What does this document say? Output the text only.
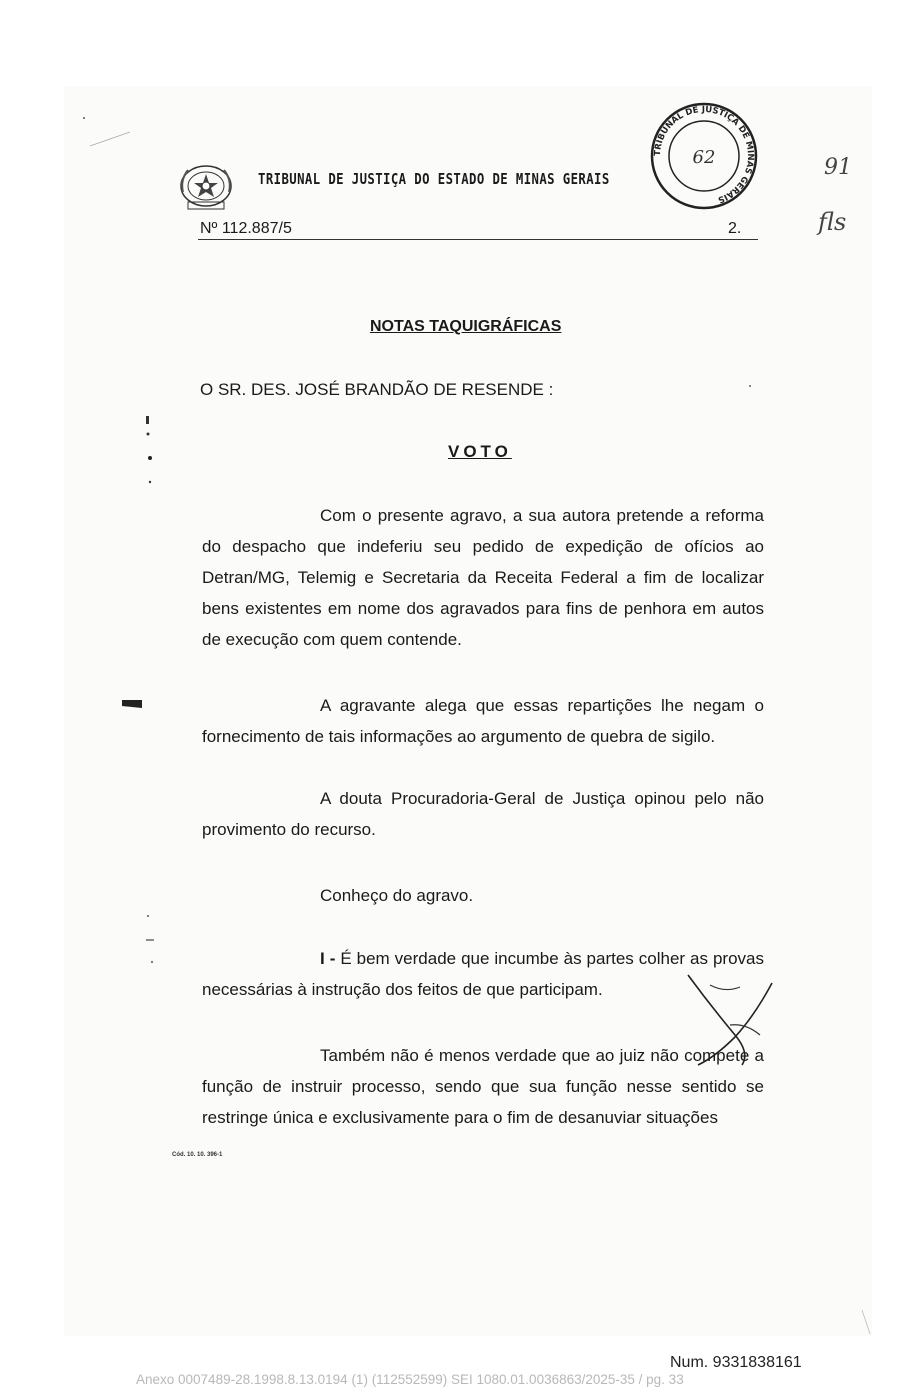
TRIBUNAL DE JUSTIÇA DO ESTADO DE MINAS GERAIS
Nº 112.887/5	2.
TRIBUNAL DE JUSTIÇA DE MINAS GERAIS
62	91
fls
NOTAS TAQUIGRÁFICAS
O SR. DES. JOSÉ BRANDÃO DE RESENDE :
VOTO

Com o presente agravo, a sua autora pretende a reforma do despacho que indeferiu seu pedido de expedição de ofícios ao Detran/MG, Telemig e Secretaria da Receita Federal a fim de localizar bens existentes em nome dos agravados para fins de penhora em autos de execução com quem contende.

A agravante alega que essas repartições lhe negam o fornecimento de tais informações ao argumento de quebra de sigilo.

A douta Procuradoria-Geral de Justiça opinou pelo não provimento do recurso.

Conheço do agravo.

I - É bem verdade que incumbe às partes colher as provas necessárias à instrução dos feitos de que participam.

Também não é menos verdade que ao juiz não compete a função de instruir processo, sendo que sua função nesse sentido se restringe única e exclusivamente para o fim de desanuviar situações

Cód. 10. 10. 396-1
Num. 9331838161
Anexo 0007489-28.1998.8.13.0194 (1) (112552599) SEI 1080.01.0036863/2025-35 / pg. 33
